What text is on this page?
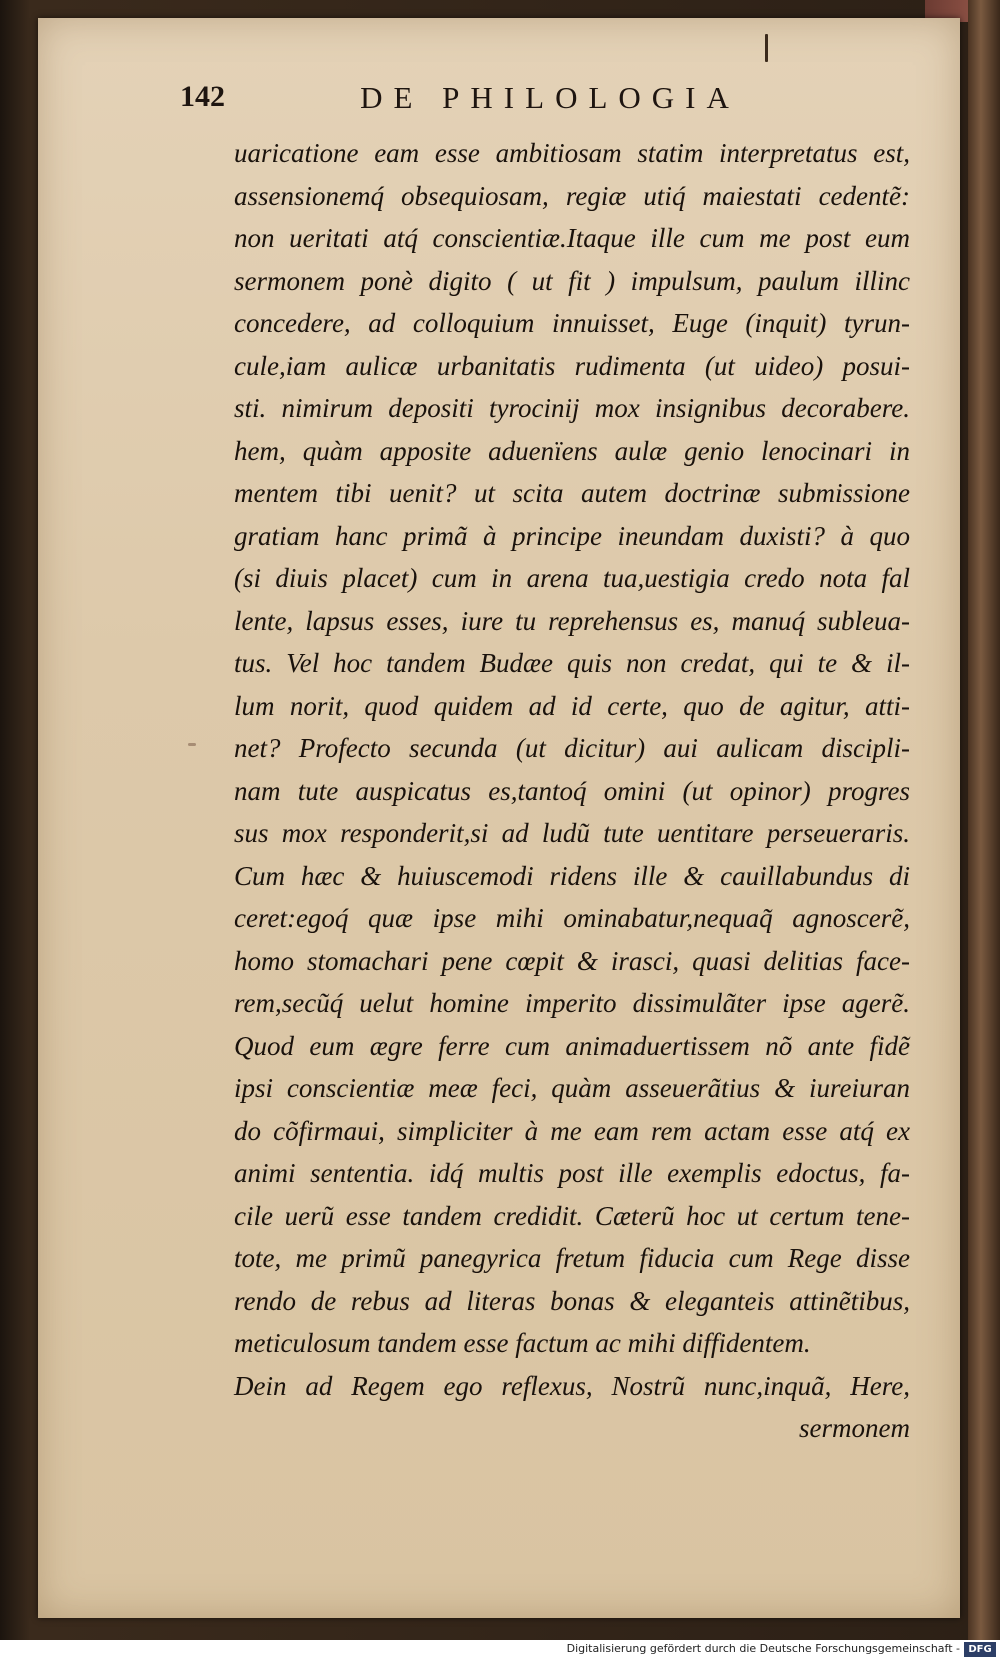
142	DE PHILOLOGIA
uaricatione eam esse ambitiosam statim interpretatus est,
assensionemq́ obsequiosam, regiæ utiq́ maiestati cedentẽ:
non ueritati atq́ conscientiæ.Itaque ille cum me post eum
sermonem ponè digito ( ut fit ) impulsum, paulum illinc
concedere, ad colloquium innuisset, Euge (inquit) tyrun-
cule,iam aulicæ urbanitatis rudimenta (ut uideo) posui-
sti. nimirum depositi tyrocinij mox insignibus decorabere.
hem, quàm apposite aduenïens aulæ genio lenocinari in
mentem tibi uenit? ut scita autem doctrinæ submissione
gratiam hanc primã à principe ineundam duxisti? à quo
(si diuis placet) cum in arena tua,uestigia credo nota fal
lente, lapsus esses, iure tu reprehensus es, manuq́ subleua-
tus. Vel hoc tandem Budæe quis non credat, qui te & il-
lum norit, quod quidem ad id certe, quo de agitur, atti-
net? Profecto secunda (ut dicitur) aui aulicam discipli-
nam tute auspicatus es,tantoq́ omini (ut opinor) progres
sus mox responderit,si ad ludũ tute uentitare perseueraris.
Cum hæc & huiuscemodi ridens ille & cauillabundus di
ceret:egoq́ quæ ipse mihi ominabatur,nequaq̃ agnoscerẽ,
homo stomachari pene cœpit & irasci, quasi delitias face-
rem,secũq́ uelut homine imperito dissimulãter ipse agerẽ.
Quod eum ægre ferre cum animaduertissem nõ ante fidẽ
ipsi conscientiæ meæ feci, quàm asseuerãtius & iureiuran
do cõfirmaui, simpliciter à me eam rem actam esse atq́ ex
animi sententia. idq́ multis post ille exemplis edoctus, fa-
cile uerũ esse tandem credidit. Cæterũ hoc ut certum tene-
tote, me primũ panegyrica fretum fiducia cum Rege disse
rendo de rebus ad literas bonas & eleganteis attinẽtibus,
meticulosum tandem esse factum ac mihi diffidentem.
Dein ad Regem ego reflexus, Nostrũ nunc,inquã, Here,
sermonem
Digitalisierung gefördert durch die Deutsche Forschungsgemeinschaft - DFG
